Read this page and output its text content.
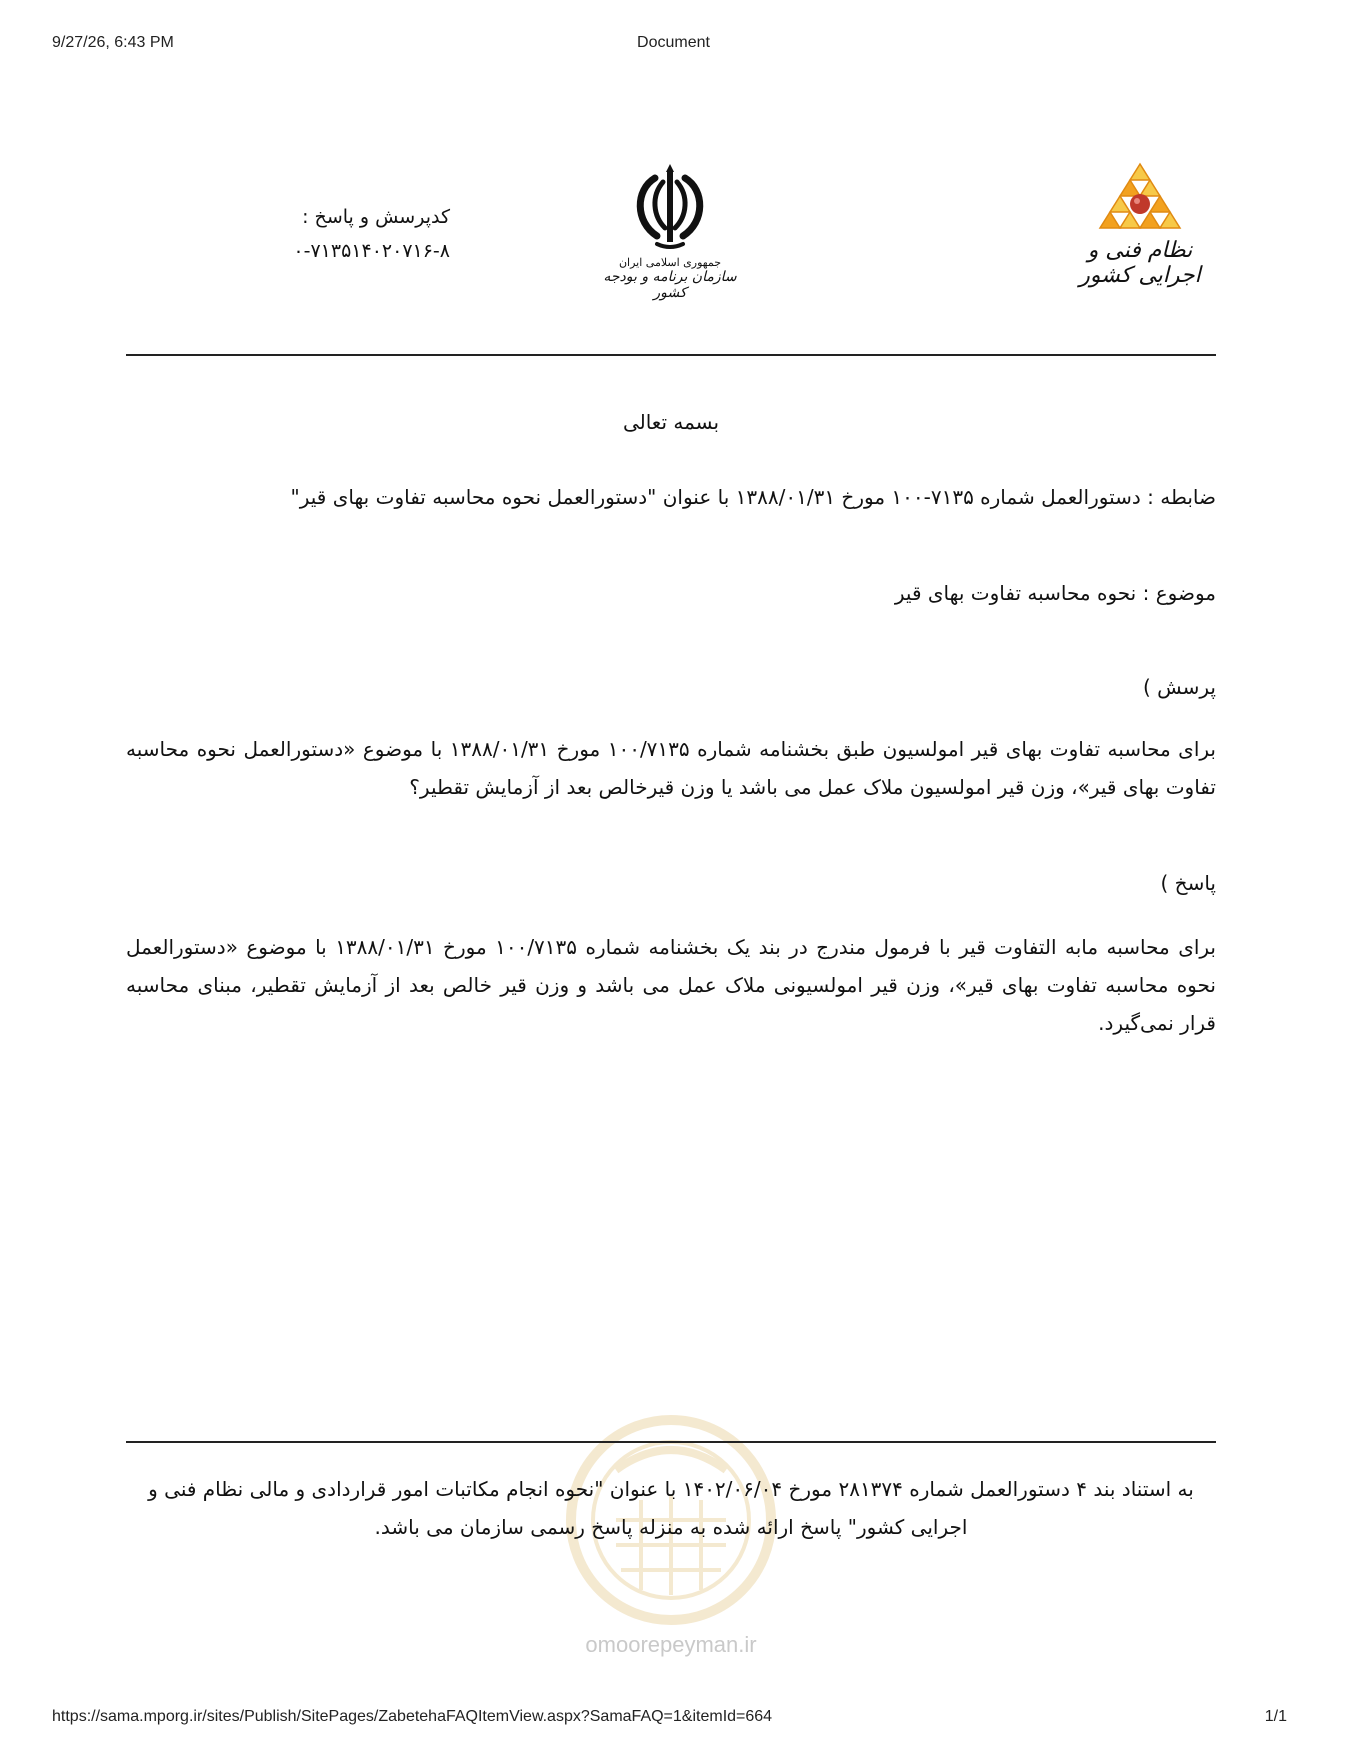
9/27/26, 6:43 PM	Document
کدپرسش و پاسخ :
۰-۷۱۳۵۱۴۰۲۰۷۱۶-۸
جمهوری اسلامی ایران
سازمان برنامه و بودجه کشور
نظام فنی و اجرایی کشور
بسمه تعالی
ضابطه : دستورالعمل شماره ۷۱۳۵-۱۰۰ مورخ ۱۳۸۸/۰۱/۳۱ با عنوان "دستورالعمل نحوه محاسبه تفاوت بهای قیر"
موضوع : نحوه محاسبه تفاوت بهای قیر
پرسش )
برای محاسبه تفاوت بهای قیر امولسیون طبق بخشنامه شماره ۱۰۰/۷۱۳۵ مورخ ۱۳۸۸/۰۱/۳۱ با موضوع «دستورالعمل نحوه محاسبه تفاوت بهای قیر»، وزن قیر امولسیون ملاک عمل می باشد یا وزن قیرخالص بعد از آزمایش تقطیر؟
پاسخ )
برای محاسبه مابه التفاوت قیر با فرمول مندرج در بند یک بخشنامه شماره ۱۰۰/۷۱۳۵ مورخ ۱۳۸۸/۰۱/۳۱ با موضوع «دستورالعمل نحوه محاسبه تفاوت بهای قیر»، وزن قیر امولسیونی ملاک عمل می باشد و وزن قیر خالص بعد از آزمایش تقطیر، مبنای محاسبه قرار نمی‌گیرد.
به استناد بند ۴ دستورالعمل شماره ۲۸۱۳۷۴ مورخ ۱۴۰۲/۰۶/۰۴ با عنوان "نحوه انجام مکاتبات امور قراردادی و مالی نظام فنی و اجرایی کشور" پاسخ ارائه شده به منزله پاسخ رسمی سازمان می باشد.
omoorepeyman.ir
https://sama.mporg.ir/sites/Publish/SitePages/ZabetehaFAQItemView.aspx?SamaFAQ=1&itemId=664	1/1
